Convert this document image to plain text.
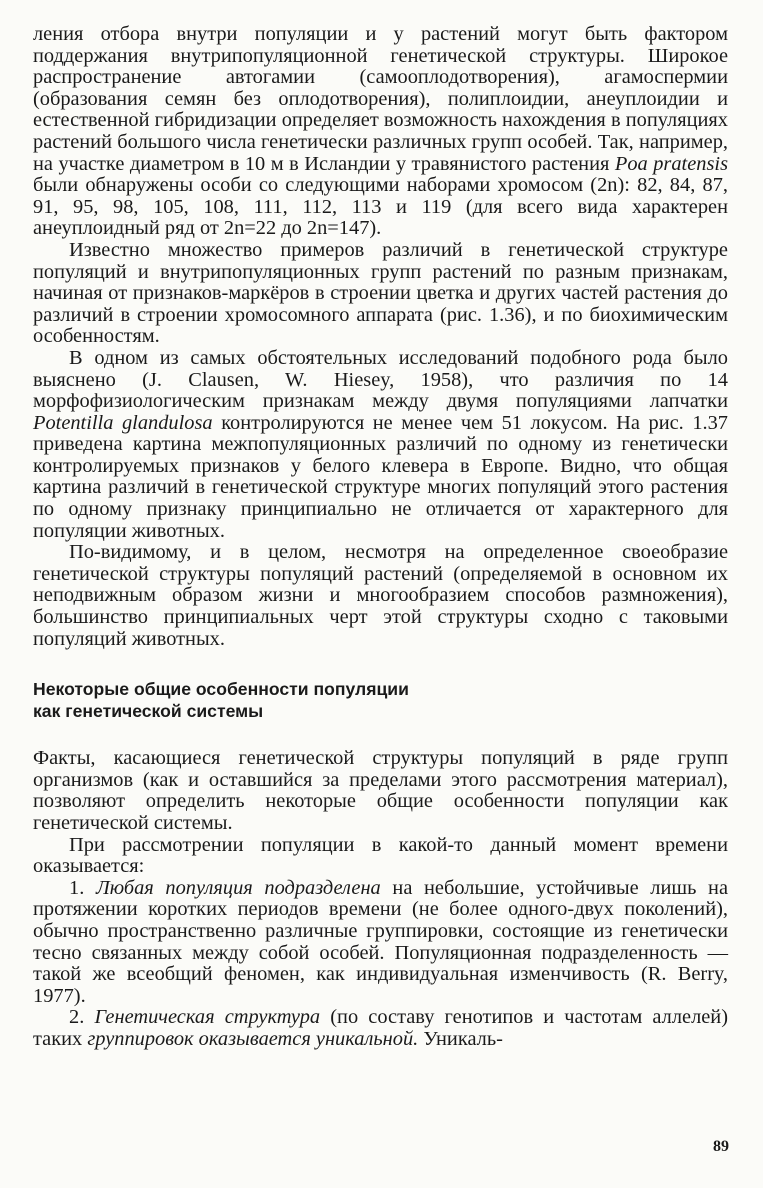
ления отбора внутри популяции и у растений могут быть фактором поддержания внутрипопуляционной генетической структуры. Широкое распространение автогамии (самооплодотворения), агамоспермии (образования семян без оплодотворения), полиплоидии, анеуплоидии и естественной гибридизации определяет возможность нахождения в популяциях растений большого числа генетически различных групп особей. Так, например, на участке диаметром в 10 м в Исландии у травянистого растения Poa pratensis были обнаружены особи со следующими наборами хромосом (2n): 82, 84, 87, 91, 95, 98, 105, 108, 111, 112, 113 и 119 (для всего вида характерен анеуплоидный ряд от 2n=22 до 2n=147).

Известно множество примеров различий в генетической структуре популяций и внутрипопуляционных групп растений по разным признакам, начиная от признаков-маркёров в строении цветка и других частей растения до различий в строении хромосомного аппарата (рис. 1.36), и по биохимическим особенностям.

В одном из самых обстоятельных исследований подобного рода было выяснено (J. Clausen, W. Hiesey, 1958), что различия по 14 морфофизиологическим признакам между двумя популяциями лапчатки Potentilla glandulosa контролируются не менее чем 51 локусом. На рис. 1.37 приведена картина межпопуляционных различий по одному из генетически контролируемых признаков у белого клевера в Европе. Видно, что общая картина различий в генетической структуре многих популяций этого растения по одному признаку принципиально не отличается от характерного для популяции животных.

По-видимому, и в целом, несмотря на определенное своеобразие генетической структуры популяций растений (определяемой в основном их неподвижным образом жизни и многообразием способов размножения), большинство принципиальных черт этой структуры сходно с таковыми популяций животных.

Некоторые общие особенности популяции
как генетической системы

Факты, касающиеся генетической структуры популяций в ряде групп организмов (как и оставшийся за пределами этого рассмотрения материал), позволяют определить некоторые общие особенности популяции как генетической системы.

При рассмотрении популяции в какой-то данный момент времени оказывается:

1. Любая популяция подразделена на небольшие, устойчивые лишь на протяжении коротких периодов времени (не более одного-двух поколений), обычно пространственно различные группировки, состоящие из генетически тесно связанных между собой особей. Популяционная подразделенность — такой же всеобщий феномен, как индивидуальная изменчивость (R. Berry, 1977).

2. Генетическая структура (по составу генотипов и частотам аллелей) таких группировок оказывается уникальной. Уникаль-

89
